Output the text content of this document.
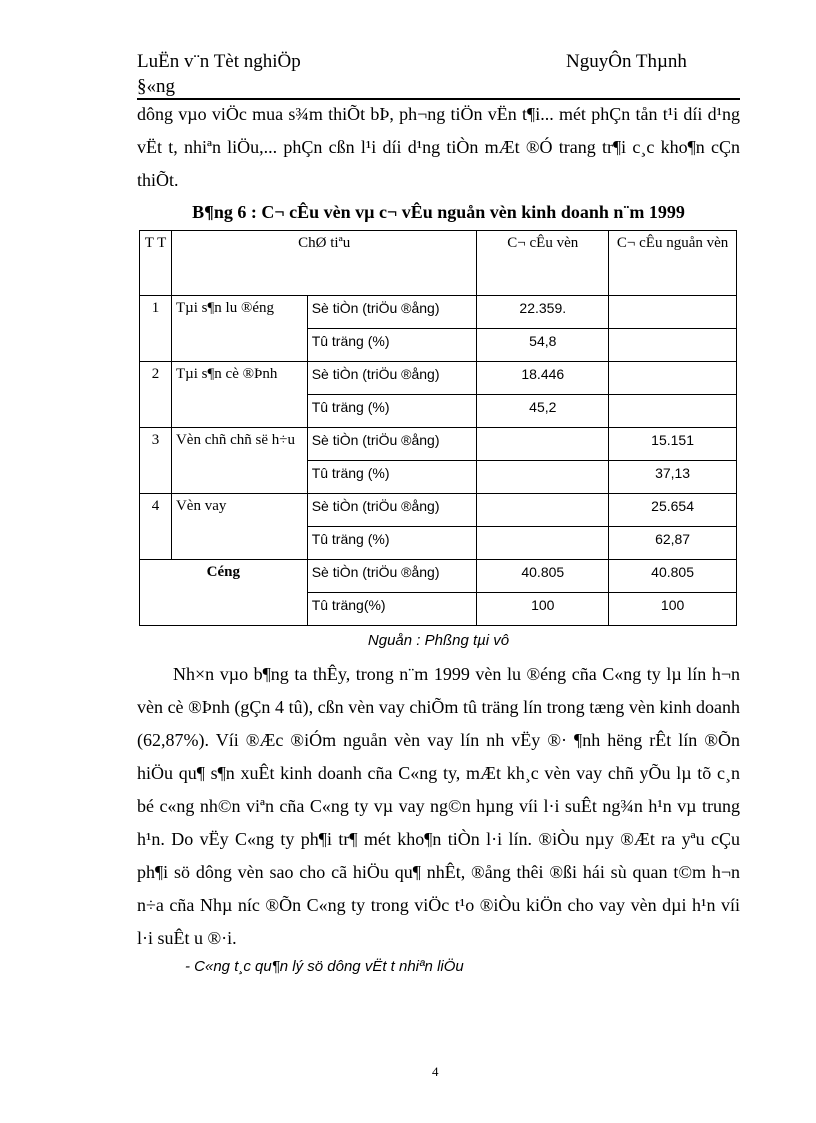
LuËn v¨n Tèt nghiÖp	NguyÔn Thµnh
§«ng
dông vµo viÖc mua s¾m thiÕt bÞ, ph¬ng tiÖn vËn t¶i... mét phÇn tån t¹i díi d¹ng vËt t, nhiªn liÖu,... phÇn cßn l¹i díi d¹ng tiÒn mÆt ®Ó trang tr¶i c¸c kho¶n cÇn thiÕt.
B¶ng 6 : C¬ cÊu vèn vµ c¬ vÊu nguån vèn kinh doanh n¨m 1999
T T	ChØ tiªu		C¬ cÊu vèn	C¬ cÊu nguån vèn
1	Tµi s¶n lu ®éng	Sè tiÒn (triÖu ®ång)	22.359.	
		Tû träng (%)	54,8	
2	Tµi s¶n cè ®Þnh	Sè tiÒn (triÖu ®ång)	18.446	
		Tû träng (%)	45,2	
3	Vèn chñ chñ së h÷u	Sè tiÒn (triÖu ®ång)		15.151
		Tû träng (%)		37,13
4	Vèn vay	Sè tiÒn (triÖu ®ång)		25.654
		Tû träng (%)		62,87
Céng		Sè tiÒn (triÖu ®ång)	40.805	40.805
		Tû träng(%)	100	100
Nguån : Phßng tµi vô
Nh×n vµo b¶ng ta thÊy, trong n¨m 1999 vèn lu ®éng cña C«ng ty lµ lín h¬n vèn cè ®Þnh (gÇn 4 tû), cßn vèn vay chiÕm tû träng lín trong tæng vèn kinh doanh (62,87%). Víi ®Æc ®iÓm nguån vèn vay lín nh vËy ®· ¶nh hëng rÊt lín ®Õn hiÖu qu¶ s¶n xuÊt kinh doanh cña C«ng ty, mÆt kh¸c vèn vay chñ yÕu lµ tõ c¸n bé c«ng nh©n viªn cña C«ng ty vµ vay ng©n hµng víi l·i suÊt ng¾n h¹n vµ trung h¹n. Do vËy C«ng ty ph¶i tr¶ mét kho¶n tiÒn l·i lín. ®iÒu nµy ®Æt ra yªu cÇu ph¶i sö dông vèn sao cho cã hiÖu qu¶ nhÊt, ®ång thêi ®ßi hái sù quan t©m h¬n n÷a cña Nhµ níc ®Õn C«ng ty trong viÖc t¹o ®iÒu kiÖn cho vay vèn dµi h¹n víi l·i suÊt u ®·i.
- C«ng t¸c qu¶n lý sö dông vËt t nhiªn liÖu
4
